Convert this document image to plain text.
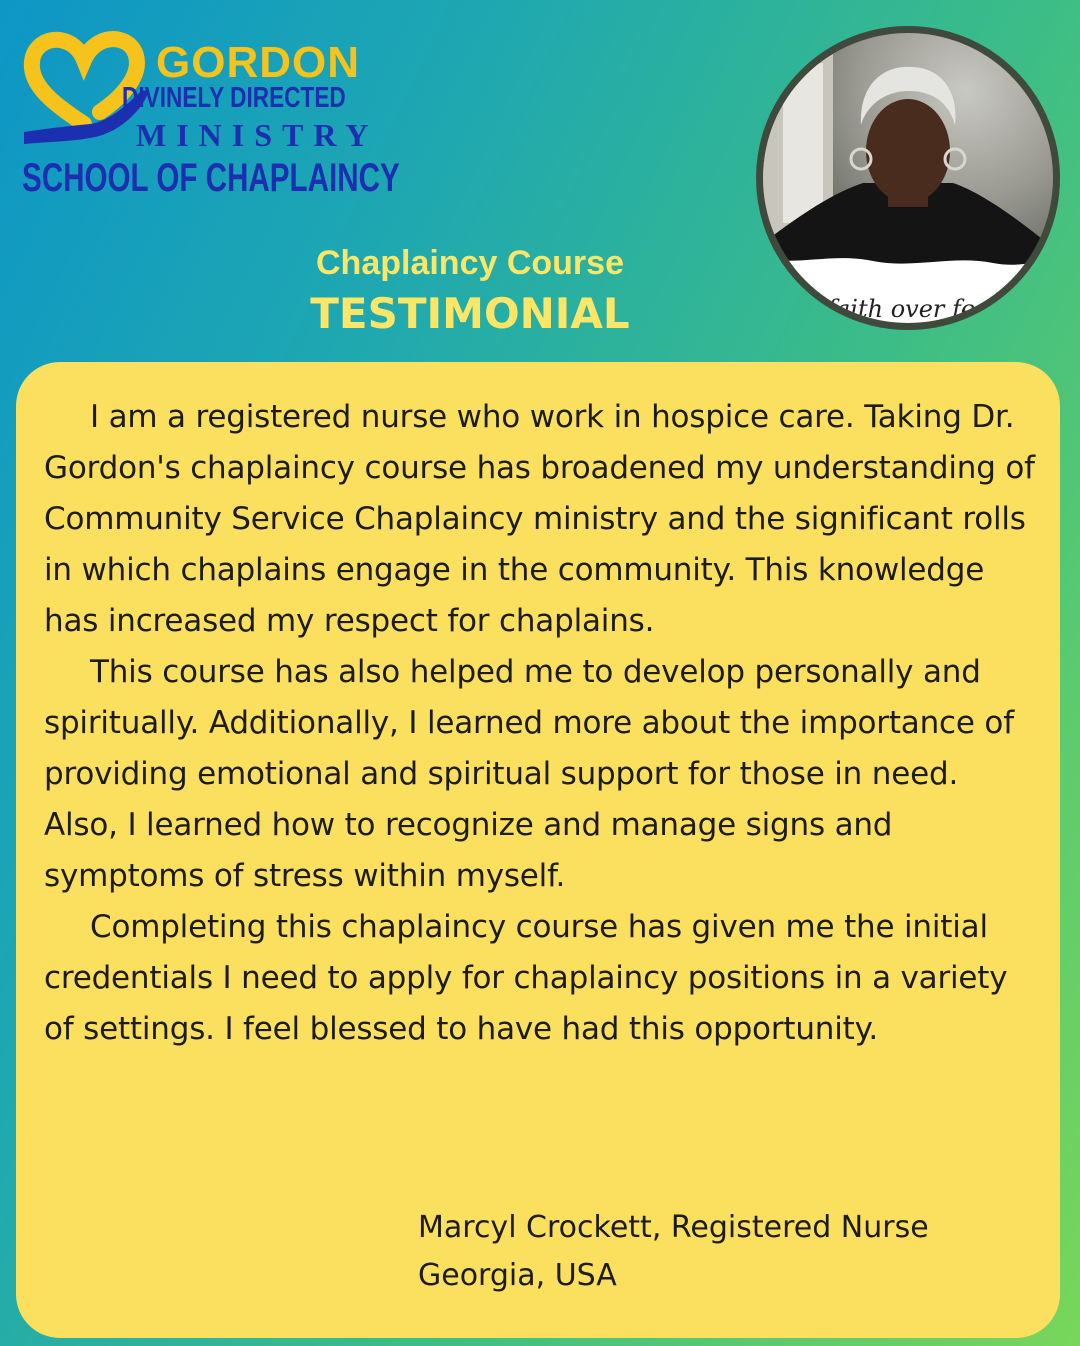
GORDON
DIVINELY DIRECTED
MINISTRY
SCHOOL OF CHAPLAINCY
Chaplaincy Course
TESTIMONIAL	faith over fear

I am a registered nurse who work in hospice care. Taking Dr. Gordon's chaplaincy course has broadened my understanding of Community Service Chaplaincy ministry and the significant rolls in which chaplains engage in the community. This knowledge has increased my respect for chaplains.

This course has also helped me to develop personally and spiritually. Additionally, I learned more about the importance of providing emotional and spiritual support for those in need. Also, I learned how to recognize and manage signs and symptoms of stress within myself.

Completing this chaplaincy course has given me the initial credentials I need to apply for chaplaincy positions in a variety of settings. I feel blessed to have had this opportunity.

Marcyl Crockett, Registered Nurse
Georgia, USA
